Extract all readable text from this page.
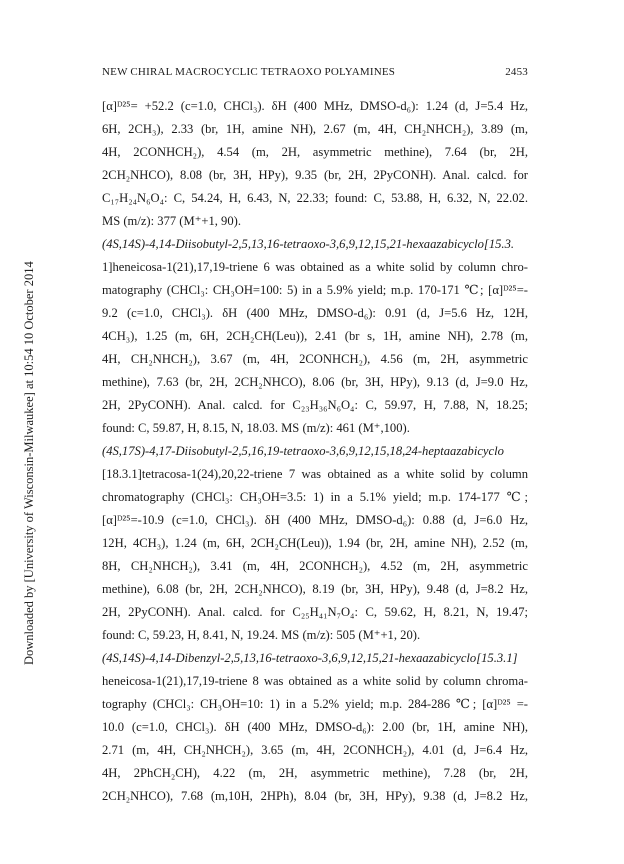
NEW CHIRAL MACROCYCLIC TETRAOXO POLYAMINES	2453
Downloaded by [University of Wisconsin-Milwaukee] at 10:54 10 October 2014
[α]ᴰ²⁵= +52.2 (c=1.0, CHCl₃). δH (400 MHz, DMSO-d₆): 1.24 (d, J=5.4 Hz,
6H, 2CH₃), 2.33 (br, 1H, amine NH), 2.67 (m, 4H, CH₂NHCH₂), 3.89 (m,
4H, 2CONHCH₂), 4.54 (m, 2H, asymmetric methine), 7.64 (br, 2H,
2CH₂NHCO), 8.08 (br, 3H, HPy), 9.35 (br, 2H, 2PyCONH). Anal. calcd. for
C₁₇H₂₄N₆O₄: C, 54.24, H, 6.43, N, 22.33; found: C, 53.88, H, 6.32, N, 22.02.
MS (m/z): 377 (M⁺+1, 90).
(4S,14S)-4,14-Diisobutyl-2,5,13,16-tetraoxo-3,6,9,12,15,21-hexaazabicyclo[15.3.
1]heneicosa-1(21),17,19-triene 6 was obtained as a white solid by column chro-
matography (CHCl₃: CH₃OH=100: 5) in a 5.9% yield; m.p. 170-171 ℃; [α]ᴰ²⁵=-
9.2 (c=1.0, CHCl₃). δH (400 MHz, DMSO-d₆): 0.91 (d, J=5.6 Hz, 12H,
4CH₃), 1.25 (m, 6H, 2CH₂CH(Leu)), 2.41 (br s, 1H, amine NH), 2.78 (m,
4H, CH₂NHCH₂), 3.67 (m, 4H, 2CONHCH₂), 4.56 (m, 2H, asymmetric
methine), 7.63 (br, 2H, 2CH₂NHCO), 8.06 (br, 3H, HPy), 9.13 (d, J=9.0 Hz,
2H, 2PyCONH). Anal. calcd. for C₂₃H₃₆N₆O₄: C, 59.97, H, 7.88, N, 18.25;
found: C, 59.87, H, 8.15, N, 18.03. MS (m/z): 461 (M⁺,100).
(4S,17S)-4,17-Diisobutyl-2,5,16,19-tetraoxo-3,6,9,12,15,18,24-heptaazabicyclo
[18.3.1]tetracosa-1(24),20,22-triene 7 was obtained as a white solid by column
chromatography (CHCl₃: CH₃OH=3.5: 1) in a 5.1% yield; m.p. 174-177 ℃;
[α]ᴰ²⁵=-10.9 (c=1.0, CHCl₃). δH (400 MHz, DMSO-d₆): 0.88 (d, J=6.0 Hz,
12H, 4CH₃), 1.24 (m, 6H, 2CH₂CH(Leu)), 1.94 (br, 2H, amine NH), 2.52 (m,
8H, CH₂NHCH₂), 3.41 (m, 4H, 2CONHCH₂), 4.52 (m, 2H, asymmetric
methine), 6.08 (br, 2H, 2CH₂NHCO), 8.19 (br, 3H, HPy), 9.48 (d, J=8.2 Hz,
2H, 2PyCONH). Anal. calcd. for C₂₅H₄₁N₇O₄: C, 59.62, H, 8.21, N, 19.47;
found: C, 59.23, H, 8.41, N, 19.24. MS (m/z): 505 (M⁺+1, 20).
(4S,14S)-4,14-Dibenzyl-2,5,13,16-tetraoxo-3,6,9,12,15,21-hexaazabicyclo[15.3.1]
heneicosa-1(21),17,19-triene 8 was obtained as a white solid by column chroma-
tography (CHCl₃: CH₃OH=10: 1) in a 5.2% yield; m.p. 284-286 ℃; [α]ᴰ²⁵ =-
10.0 (c=1.0, CHCl₃). δH (400 MHz, DMSO-d₆): 2.00 (br, 1H, amine NH),
2.71 (m, 4H, CH₂NHCH₂), 3.65 (m, 4H, 2CONHCH₂), 4.01 (d, J=6.4 Hz,
4H, 2PhCH₂CH), 4.22 (m, 2H, asymmetric methine), 7.28 (br, 2H,
2CH₂NHCO), 7.68 (m,10H, 2HPh), 8.04 (br, 3H, HPy), 9.38 (d, J=8.2 Hz,
